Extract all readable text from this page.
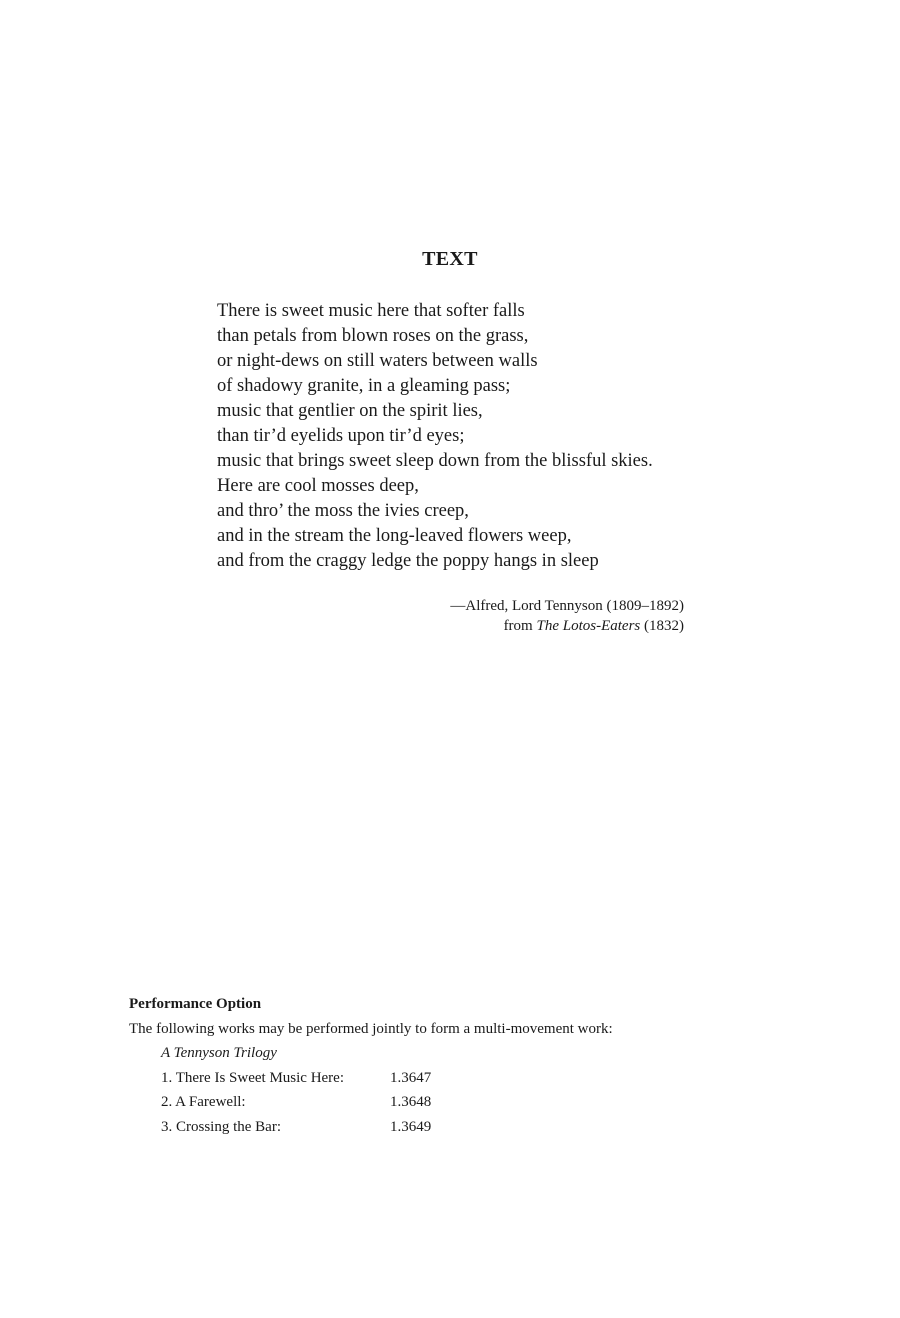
TEXT
There is sweet music here that softer falls
than petals from blown roses on the grass,
or night-dews on still waters between walls
of shadowy granite, in a gleaming pass;
music that gentlier on the spirit lies,
than tir’d eyelids upon tir’d eyes;
music that brings sweet sleep down from the blissful skies.
Here are cool mosses deep,
and thro’ the moss the ivies creep,
and in the stream the long-leaved flowers weep,
and from the craggy ledge the poppy hangs in sleep
—Alfred, Lord Tennyson (1809–1892)
from The Lotos-Eaters (1832)
Performance Option
The following works may be performed jointly to form a multi-movement work:
A Tennyson Trilogy
1. There Is Sweet Music Here:	1.3647
2. A Farewell:	1.3648
3. Crossing the Bar:	1.3649
